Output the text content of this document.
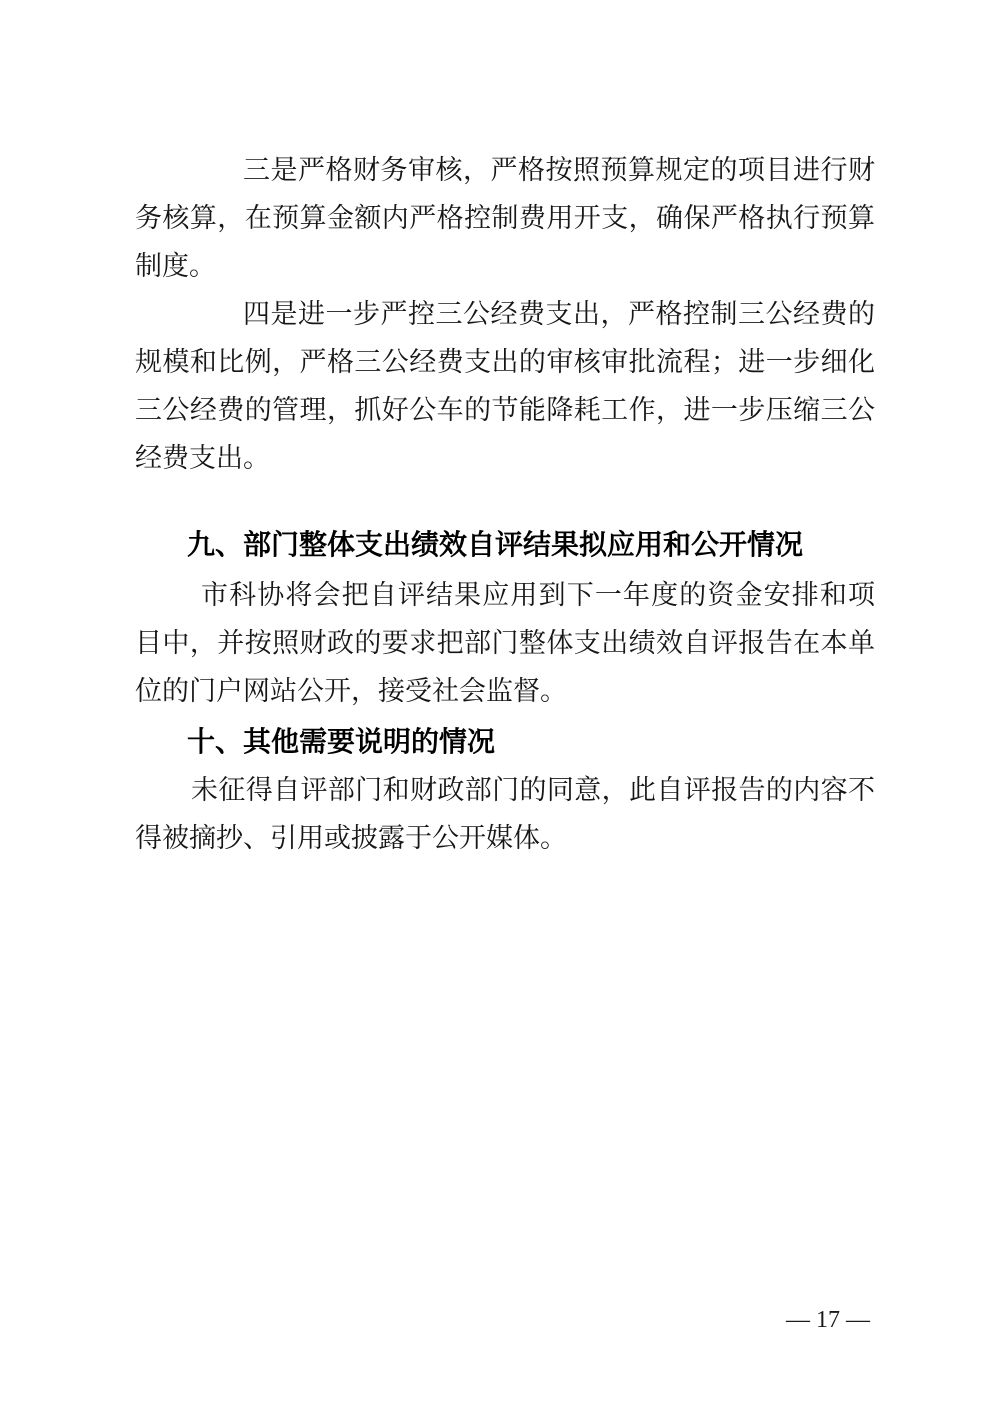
三是严格财务审核，严格按照预算规定的项目进行财务核算，在预算金额内严格控制费用开支，确保严格执行预算制度。

四是进一步严控三公经费支出，严格控制三公经费的规模和比例，严格三公经费支出的审核审批流程；进一步细化三公经费的管理，抓好公车的节能降耗工作，进一步压缩三公经费支出。

九、部门整体支出绩效自评结果拟应用和公开情况

市科协将会把自评结果应用到下一年度的资金安排和项目中，并按照财政的要求把部门整体支出绩效自评报告在本单位的门户网站公开，接受社会监督。

十、其他需要说明的情况

未征得自评部门和财政部门的同意，此自评报告的内容不得被摘抄、引用或披露于公开媒体。

— 17 —
